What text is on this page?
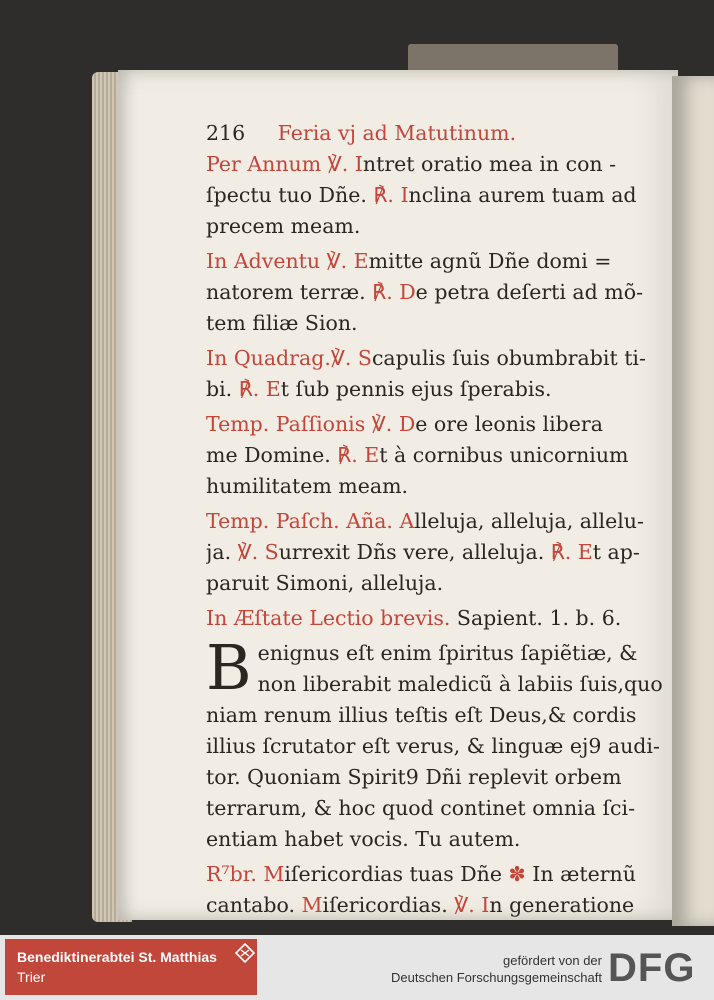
216 Feria vj ad Matutinum.
Per Annum ℣. Intret oratio mea in con -
ſpectu tuo Dñe. ℟. Inclina aurem tuam ad
precem meam.
In Adventu ℣. Emitte agnũ Dñe domi =
natorem terræ. ℟. De petra deſerti ad mõ-
tem filiæ Sion.
In Quadrag.℣. Scapulis ſuis obumbrabit ti-
bi. ℟. Et ſub pennis ejus ſperabis.
Temp. Paſſionis ℣. De ore leonis libera
me Domine. ℟. Et à cornibus unicornium
humilitatem meam.
Temp. Paſch. Aña. Alleluja, alleluja, allelu-
ja. ℣. Surrexit Dñs vere, alleluja. ℟. Et ap-
paruit Simoni, alleluja.
In Æſtate Lectio brevis. Sapient. 1. b. 6.
B enignus eſt enim ſpiritus ſapiẽtiæ, &
non liberabit maledicũ à labiis ſuis,quo
niam renum illius teſtis eſt Deus,& cordis
illius ſcrutator eſt verus, & linguæ ej9 audi-
tor. Quoniam Spirit9 Dñi replevit orbem
terrarum, & hoc quod continet omnia ſci-
entiam habet vocis. Tu autem.
R⁷br. Miſericordias tuas Dñe ✽ In æternũ
cantabo. Miſericordias. ℣. In generatione
Benediktinerabtei St. Matthias
Trier
gefördert von der
Deutschen Forschungsgemeinschaft DFG
